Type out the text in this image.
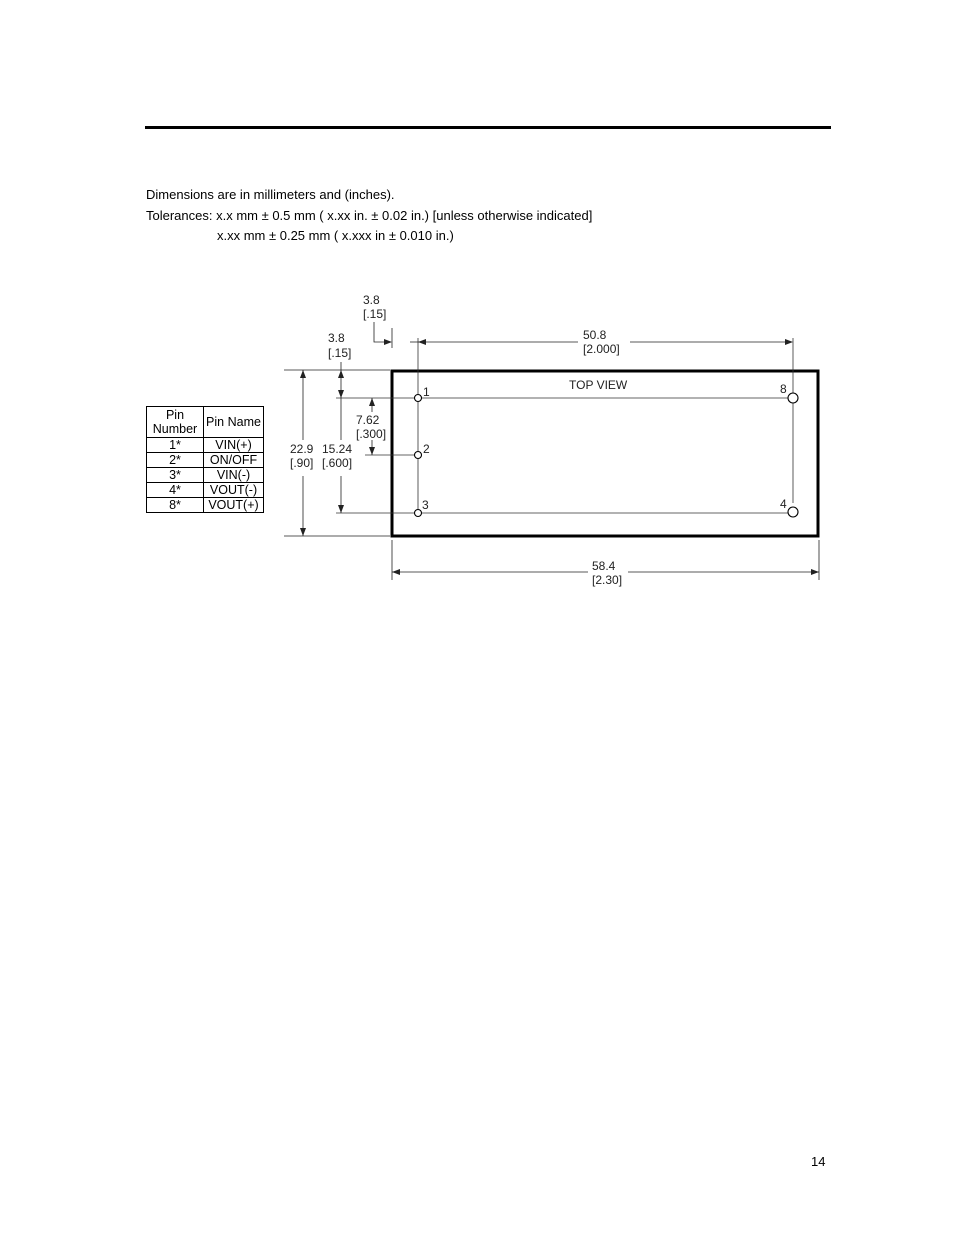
Dimensions are in millimeters and (inches).
Tolerances: x.x mm ± 0.5 mm ( x.xx in. ± 0.02 in.) [unless otherwise indicated]
x.xx mm ± 0.25 mm ( x.xxx in ± 0.010 in.)
Pin Number	Pin Name
1*	VIN(+)
2*	ON/OFF
3*	VIN(-)
4*	VOUT(-)
8*	VOUT(+)
1
2
3
8
4
TOP VIEW
3.8
[.15]
50.8
[2.000]
3.8
[.15]
7.62
[.300]
15.24
[.600]
22.9
[.90]
58.4
[2.30]
14
